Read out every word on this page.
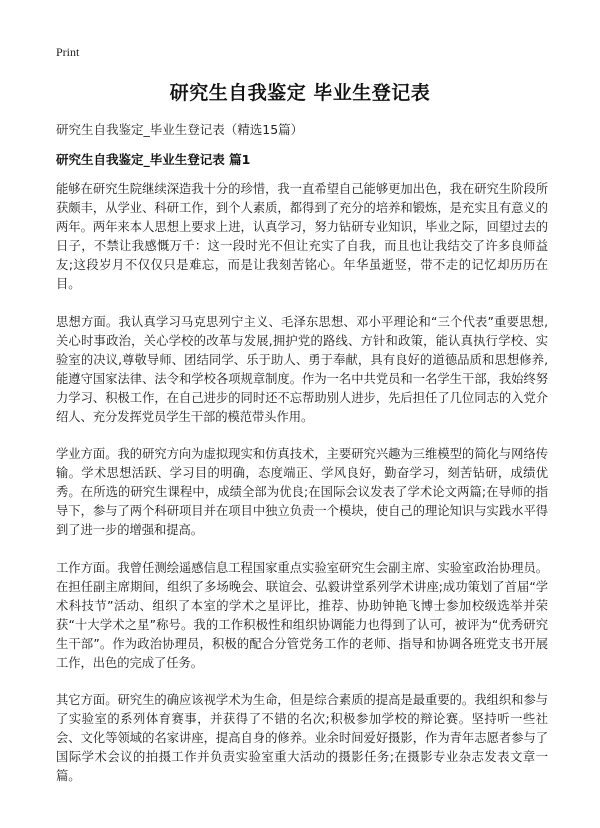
Print
研究生自我鉴定 毕业生登记表
研究生自我鉴定_毕业生登记表（精选15篇）
研究生自我鉴定_毕业生登记表 篇1

能够在研究生院继续深造我十分的珍惜，我一直希望自己能够更加出色，我在研究生阶段所获颇丰，从学业、科研工作，到个人素质，都得到了充分的培养和锻炼，是充实且有意义的两年。两年来本人思想上要求上进，认真学习，努力钻研专业知识，毕业之际，回望过去的日子，不禁让我感慨万千：这一段时光不但让充实了自我，而且也让我结交了许多良师益友;这段岁月不仅仅只是难忘，而是让我刻苦铭心。年华虽逝竖，带不走的记忆却历历在目。

思想方面。我认真学习马克思列宁主义、毛泽东思想、邓小平理论和“三个代表”重要思想,关心时事政治，关心学校的改革与发展,拥护党的路线、方针和政策，能认真执行学校、实验室的决议,尊敬导师、团结同学、乐于助人、勇于奉献，具有良好的道德品质和思想修养,能遵守国家法律、法令和学校各项规章制度。作为一名中共党员和一名学生干部，我始终努力学习、积极工作，在自己进步的同时还不忘帮助别人进步，先后担任了几位同志的入党介绍人、充分发挥党员学生干部的模范带头作用。

学业方面。我的研究方向为虚拟现实和仿真技术，主要研究兴趣为三维模型的简化与网络传输。学术思想活跃、学习目的明确，态度端正、学风良好，勤奋学习，刻苦钻研，成绩优秀。在所选的研究生课程中，成绩全部为优良;在国际会议发表了学术论文两篇;在导师的指导下，参与了两个科研项目并在项目中独立负责一个模块，使自己的理论知识与实践水平得到了进一步的增强和提高。

工作方面。我曾任测绘遥感信息工程国家重点实验室研究生会副主席、实验室政治协理员。在担任副主席期间，组织了多场晚会、联谊会、弘毅讲堂系列学术讲座;成功策划了首届“学术科技节”活动、组织了本室的学术之星评比，推荐、协助钟艳飞博士参加校级选举并荣获“十大学术之星”称号。我的工作积极性和组织协调能力也得到了认可，被评为“优秀研究生干部”。作为政治协理员，积极的配合分管党务工作的老师、指导和协调各班党支书开展工作，出色的完成了任务。

其它方面。研究生的确应该视学术为生命，但是综合素质的提高是最重要的。我组织和参与了实验室的系列体育赛事，并获得了不错的名次;积极参加学校的辩论赛。坚持听一些社会、文化等领域的名家讲座，提高自身的修养。业余时间爱好摄影，作为青年志愿者参与了国际学术会议的拍摄工作并负责实验室重大活动的摄影任务;在摄影专业杂志发表文章一篇。
